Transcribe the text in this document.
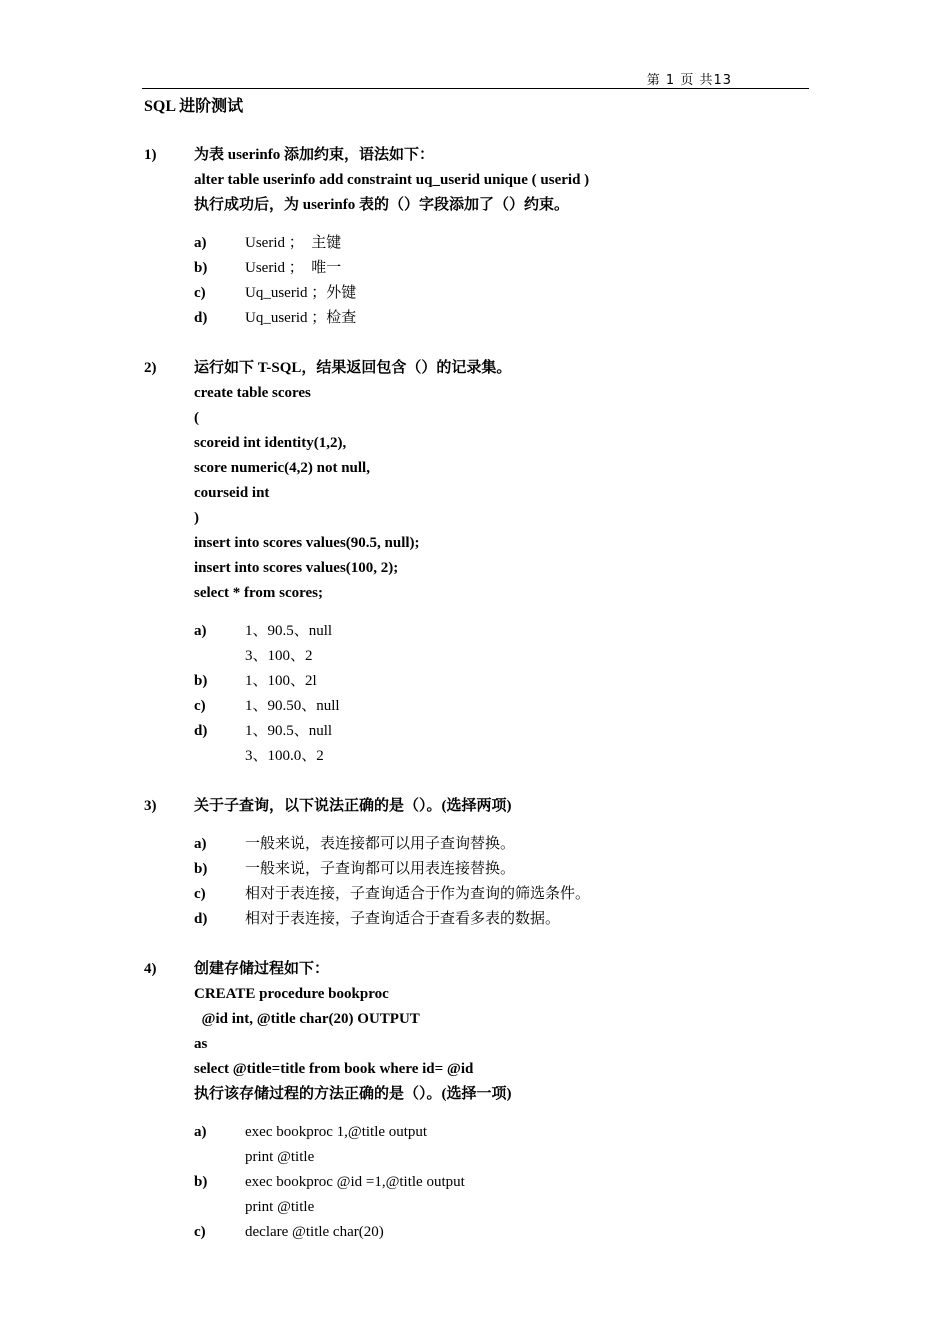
第 1 页 共13
SQL 进阶测试
1)	为表 userinfo 添加约束，语法如下：
alter table userinfo add constraint uq_userid unique ( userid )
执行成功后，为 userinfo 表的（）字段添加了（）约束。
a)	Userid ；  主键
b)	Userid ；  唯一
c)	Uq_userid ；外键
d)	Uq_userid ；检查
2)	运行如下 T-SQL，结果返回包含（）的记录集。
create table scores
(
scoreid int identity(1,2),
score numeric(4,2) not null,
courseid int
)
insert into scores values(90.5, null);
insert into scores values(100, 2);
select * from scores;
a)	1、90.5、null
3、100、2
b)	1、100、2l
c)	1、90.50、null
d)	1、90.5、null
3、100.0、2
3)	关于子查询，以下说法正确的是（）。(选择两项)
a)	一般来说，表连接都可以用子查询替换。
b)	一般来说，子查询都可以用表连接替换。
c)	相对于表连接，子查询适合于作为查询的筛选条件。
d)	相对于表连接，子查询适合于查看多表的数据。
4)	创建存储过程如下：
CREATE procedure bookproc
@id int, @title char(20) OUTPUT
as
select @title=title from book where id= @id
执行该存储过程的方法正确的是（）。(选择一项)
a)	exec bookproc 1,@title output
print @title
b)	exec bookproc @id =1,@title output
print @title
c)	declare @title char(20)
